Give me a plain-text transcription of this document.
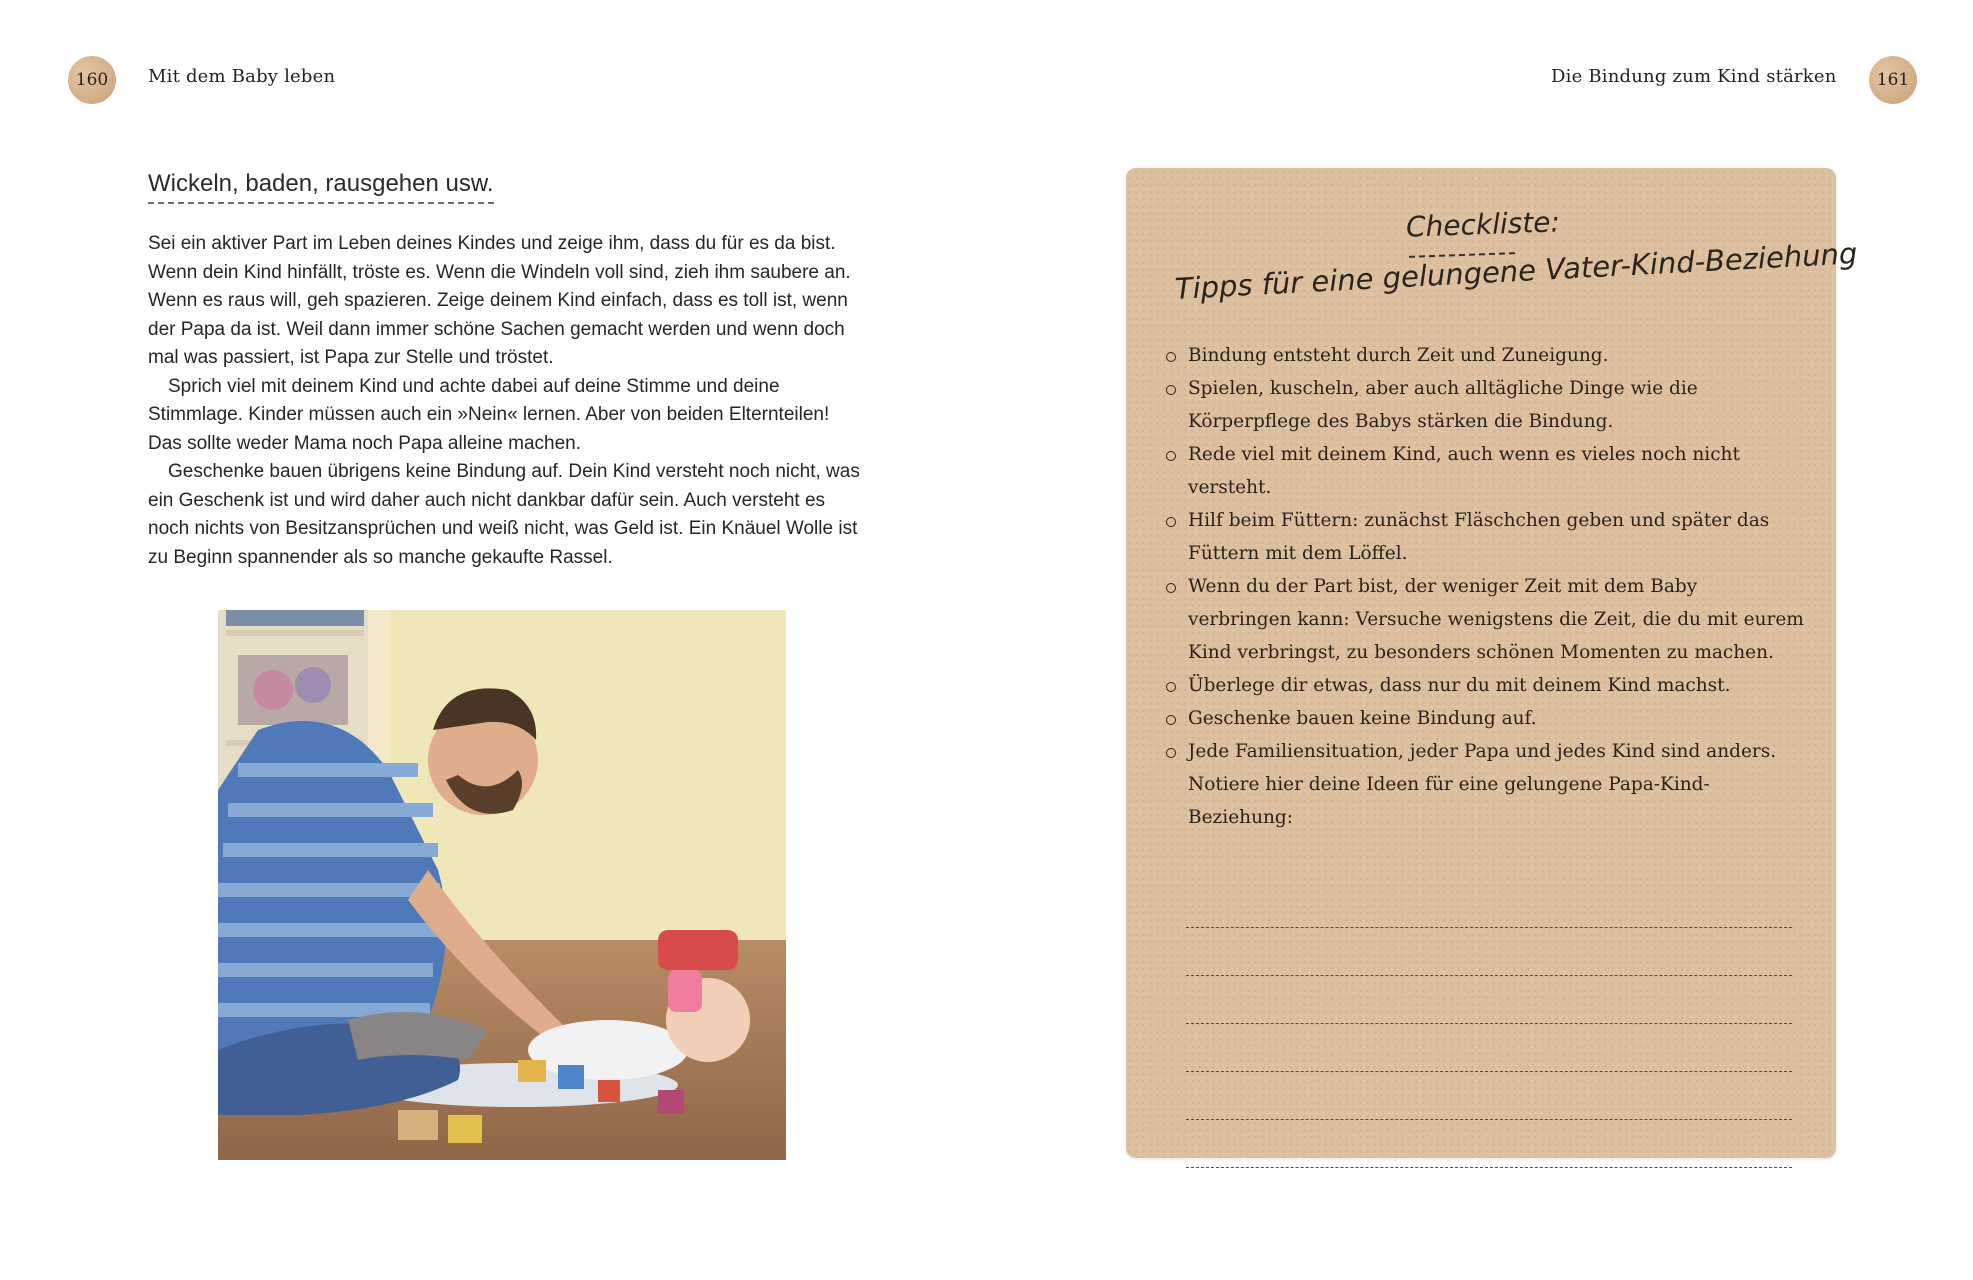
160	Mit dem Baby leben
Wickeln, baden, rausgehen usw.

Sei ein aktiver Part im Leben deines Kindes und zeige ihm, dass du für es da bist. Wenn dein Kind hinfällt, tröste es. Wenn die Windeln voll sind, zieh ihm saubere an. Wenn es raus will, geh spazieren. Zeige deinem Kind einfach, dass es toll ist, wenn der Papa da ist. Weil dann immer schöne Sachen gemacht werden und wenn doch mal was passiert, ist Papa zur Stelle und tröstet.

Sprich viel mit deinem Kind und achte dabei auf deine Stimme und deine Stimmlage. Kinder müssen auch ein »Nein« lernen. Aber von beiden Elternteilen! Das sollte weder Mama noch Papa alleine machen.

Geschenke bauen übrigens keine Bindung auf. Dein Kind versteht noch nicht, was ein Geschenk ist und wird daher auch nicht dankbar dafür sein. Auch versteht es noch nichts von Besitzansprüchen und weiß nicht, was Geld ist. Ein Knäuel Wolle ist zu Beginn spannender als so manche gekaufte Rassel.

Die Bindung zum Kind stärken	161
Checkliste:
Tipps für eine gelungene Vater-Kind-Beziehung
Bindung entsteht durch Zeit und Zuneigung.
Spielen, kuscheln, aber auch alltägliche Dinge wie die Körperpflege des Babys stärken die Bindung.
Rede viel mit deinem Kind, auch wenn es vieles noch nicht versteht.
Hilf beim Füttern: zunächst Fläschchen geben und später das Füttern mit dem Löffel.
Wenn du der Part bist, der weniger Zeit mit dem Baby verbringen kann: Versuche wenigstens die Zeit, die du mit eurem Kind verbringst, zu besonders schönen Momenten zu machen.
Überlege dir etwas, dass nur du mit deinem Kind machst.
Geschenke bauen keine Bindung auf.
Jede Familiensituation, jeder Papa und jedes Kind sind anders. Notiere hier deine Ideen für eine gelungene Papa-Kind-Beziehung:
